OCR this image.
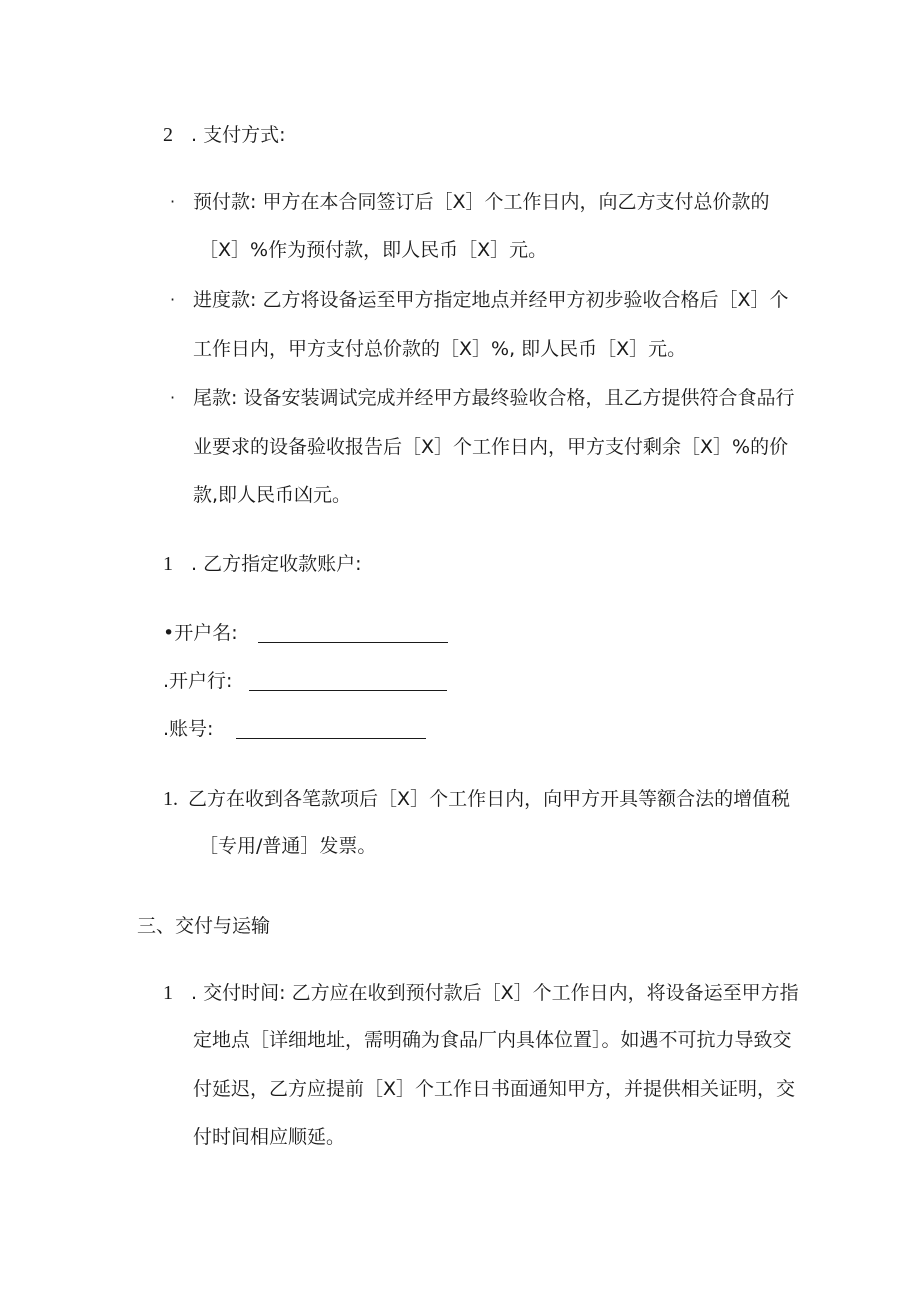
2 . 支付方式:
· 预付款: 甲方在本合同签订后［X］个工作日内，向乙方支付总价款的
［X］%作为预付款，即人民币［X］元。
· 进度款: 乙方将设备运至甲方指定地点并经甲方初步验收合格后［X］个
工作日内，甲方支付总价款的［X］%, 即人民币［X］元。
· 尾款: 设备安装调试完成并经甲方最终验收合格，且乙方提供符合食品行
业要求的设备验收报告后［X］个工作日内，甲方支付剩余［X］%的价
款,即人民币凶元。
1 . 乙方指定收款账户:
•开户名:
.开户行:
.账号:
1. 乙方在收到各笔款项后［X］个工作日内，向甲方开具等额合法的增值税
［专用/普通］发票。
三、交付与运输
1 . 交付时间: 乙方应在收到预付款后［X］个工作日内，将设备运至甲方指
定地点［详细地址，需明确为食品厂内具体位置］。如遇不可抗力导致交
付延迟，乙方应提前［X］个工作日书面通知甲方，并提供相关证明，交
付时间相应顺延。
